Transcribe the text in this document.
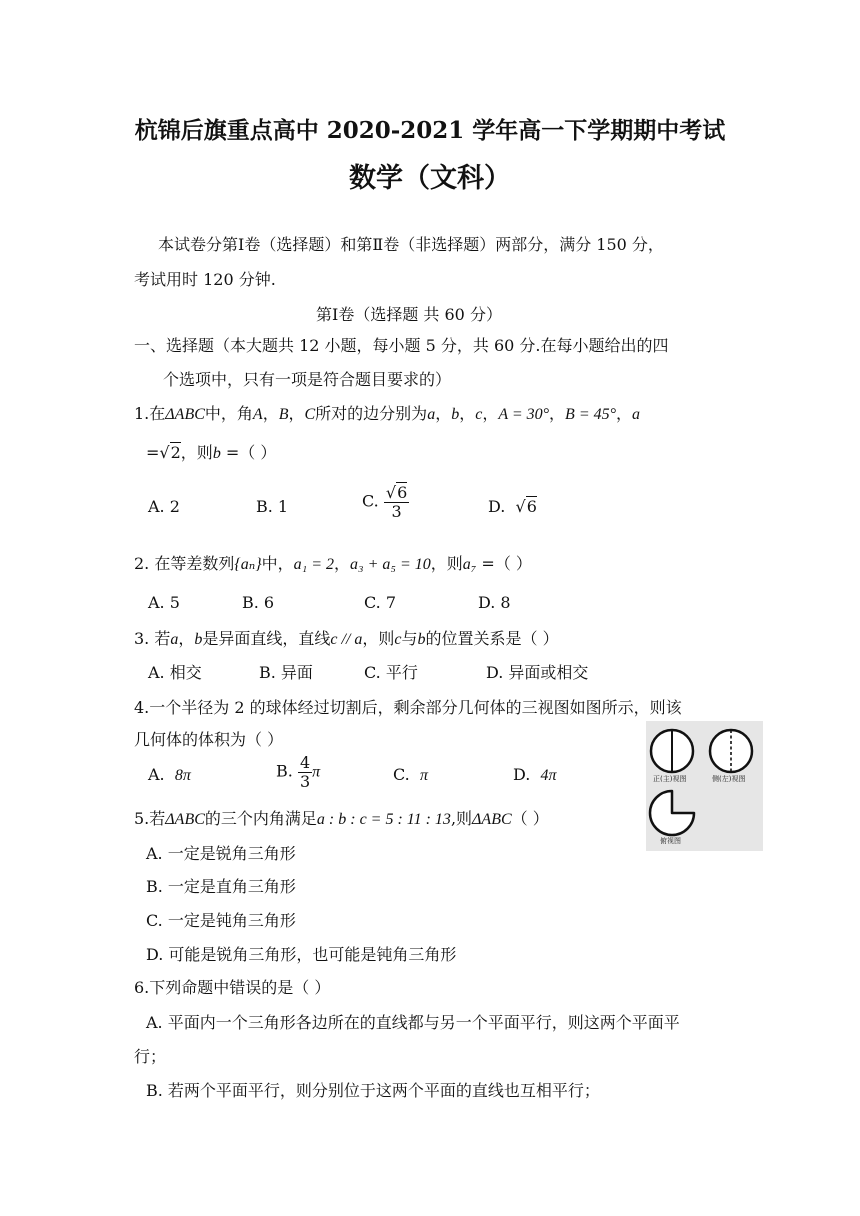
杭锦后旗重点高中 2020-2021 学年高一下学期期中考试
数学（文科）
本试卷分第Ⅰ卷（选择题）和第Ⅱ卷（非选择题）两部分，满分 150 分，
考试用时 120 分钟.
第Ⅰ卷（选择题 共 60 分）
一、选择题（本大题共 12 小题，每小题 5 分，共 60 分.在每小题给出的四
个选项中，只有一项是符合题目要求的）
1.在ΔABC中，角A，B，C所对的边分别为a，b，c，A = 30°，B = 45°，a
=√2，则b =（ ）
A. 2	B. 1	C. $\frac{√6}{3}$	D.  √6
2. 在等差数列{aₙ}中，a₁ = 2，a₃ + a₅ = 10，则a₇ =（ ）
A. 5	B. 6	C. 7	D. 8
3. 若a，b是异面直线，直线c // a，则c与b的位置关系是（ ）
A. 相交	B. 异面	C. 平行	D. 异面或相交
4.一个半径为 2 的球体经过切割后，剩余部分几何体的三视图如图所示，则该
几何体的体积为（ ）
A. 8π	B. $\frac{4}{3}$ π	C. π	D. 4π	正(主)视图	侧(左)视图
俯视图
5.若ΔABC的三个内角满足a : b : c = 5 : 11 : 13,则ΔABC（ ）
A. 一定是锐角三角形
B. 一定是直角三角形
C. 一定是钝角三角形
D. 可能是锐角三角形，也可能是钝角三角形
6.下列命题中错误的是（ ）
A. 平面内一个三角形各边所在的直线都与另一个平面平行，则这两个平面平
行；
B. 若两个平面平行，则分别位于这两个平面的直线也互相平行；
